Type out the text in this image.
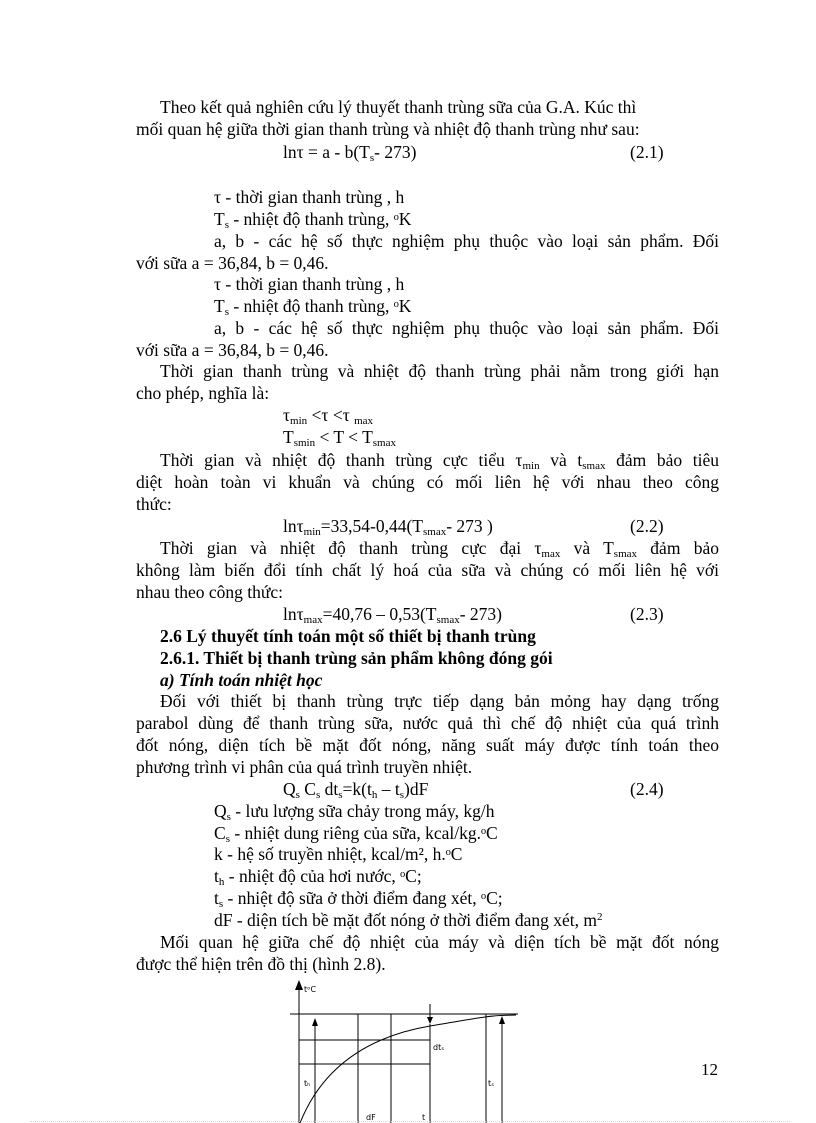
Theo kết quả nghiên cứu lý thuyết thanh trùng sữa của G.A. Kúc thì
mối quan hệ giữa thời gian thanh trùng và nhiệt độ thanh trùng như sau:
$\ln\tau = a - b(T_s-$ 273)	(2.1)
τ - thời gian thanh trùng , h
$T_s$ - nhiệt độ thanh trùng, ᵒK
a, b - các hệ số thực nghiệm phụ thuộc vào loại sản phẩm. Đối
với sữa a = 36,84, b = 0,46.
τ - thời gian thanh trùng , h
$T_s$ - nhiệt độ thanh trùng, ᵒK
a, b - các hệ số thực nghiệm phụ thuộc vào loại sản phẩm. Đối
với sữa a = 36,84, b = 0,46.
Thời gian thanh trùng và nhiệt độ thanh trùng phải nằm trong giới hạn
cho phép, nghĩa là:
$\tau_{min} <\tau <\tau$ $_{max}$
$T_{smin} < T < T_{smax}$
Thời gian và nhiệt độ thanh trùng cực tiểu $\tau_{min}$ và $t_{smax}$ đảm bảo tiêu
diệt hoàn toàn vi khuẩn và chúng có mối liên hệ với nhau theo công
thức:
$\ln\tau_{min}=33,54-0,44(T_{smax}-$ 273 )	(2.2)
Thời gian và nhiệt độ thanh trùng cực đại $\tau_{max}$ và $T_{smax}$ đảm bảo
không làm biến đổi tính chất lý hoá của sữa và chúng có mối liên hệ với
nhau theo công thức:
$\ln\tau_{max}=40,76 - 0,53(T_{smax}-$ 273)	(2.3)
2.6 Lý thuyết tính toán một số thiết bị thanh trùng
2.6.1. Thiết bị thanh trùng sản phẩm không đóng gói
a) Tính toán nhiệt học
Đối với thiết bị thanh trùng trực tiếp dạng bản mỏng hay dạng trống
parabol dùng để thanh trùng sữa, nước quả thì chế độ nhiệt của quá trình
đốt nóng, diện tích bề mặt đốt nóng, năng suất máy được tính toán theo
phương trình vi phân của quá trình truyền nhiệt.
$Q_s$ $C_s$ $dt_s=k(t_h - t_s)dF$	(2.4)
$Q_s$ - lưu lượng sữa chảy trong máy, kg/h
$C_s$ - nhiệt dung riêng của sữa, kcal/kg.ᵒC
k - hệ số truyền nhiệt, kcal/m², h.ᵒC
$t_h$ - nhiệt độ của hơi nước, ᵒC;
$t_s$ - nhiệt độ sữa ở thời điểm đang xét, ᵒC;
dF - diện tích bề mặt đốt nóng ở thời điểm đang xét, $m^2$
Mối quan hệ giữa chế độ nhiệt của máy và diện tích bề mặt đốt nóng
được thể hiện trên đồ thị (hình 2.8).
tᵒC
tₕ
dtₛ
tₛ
dF	t
12
